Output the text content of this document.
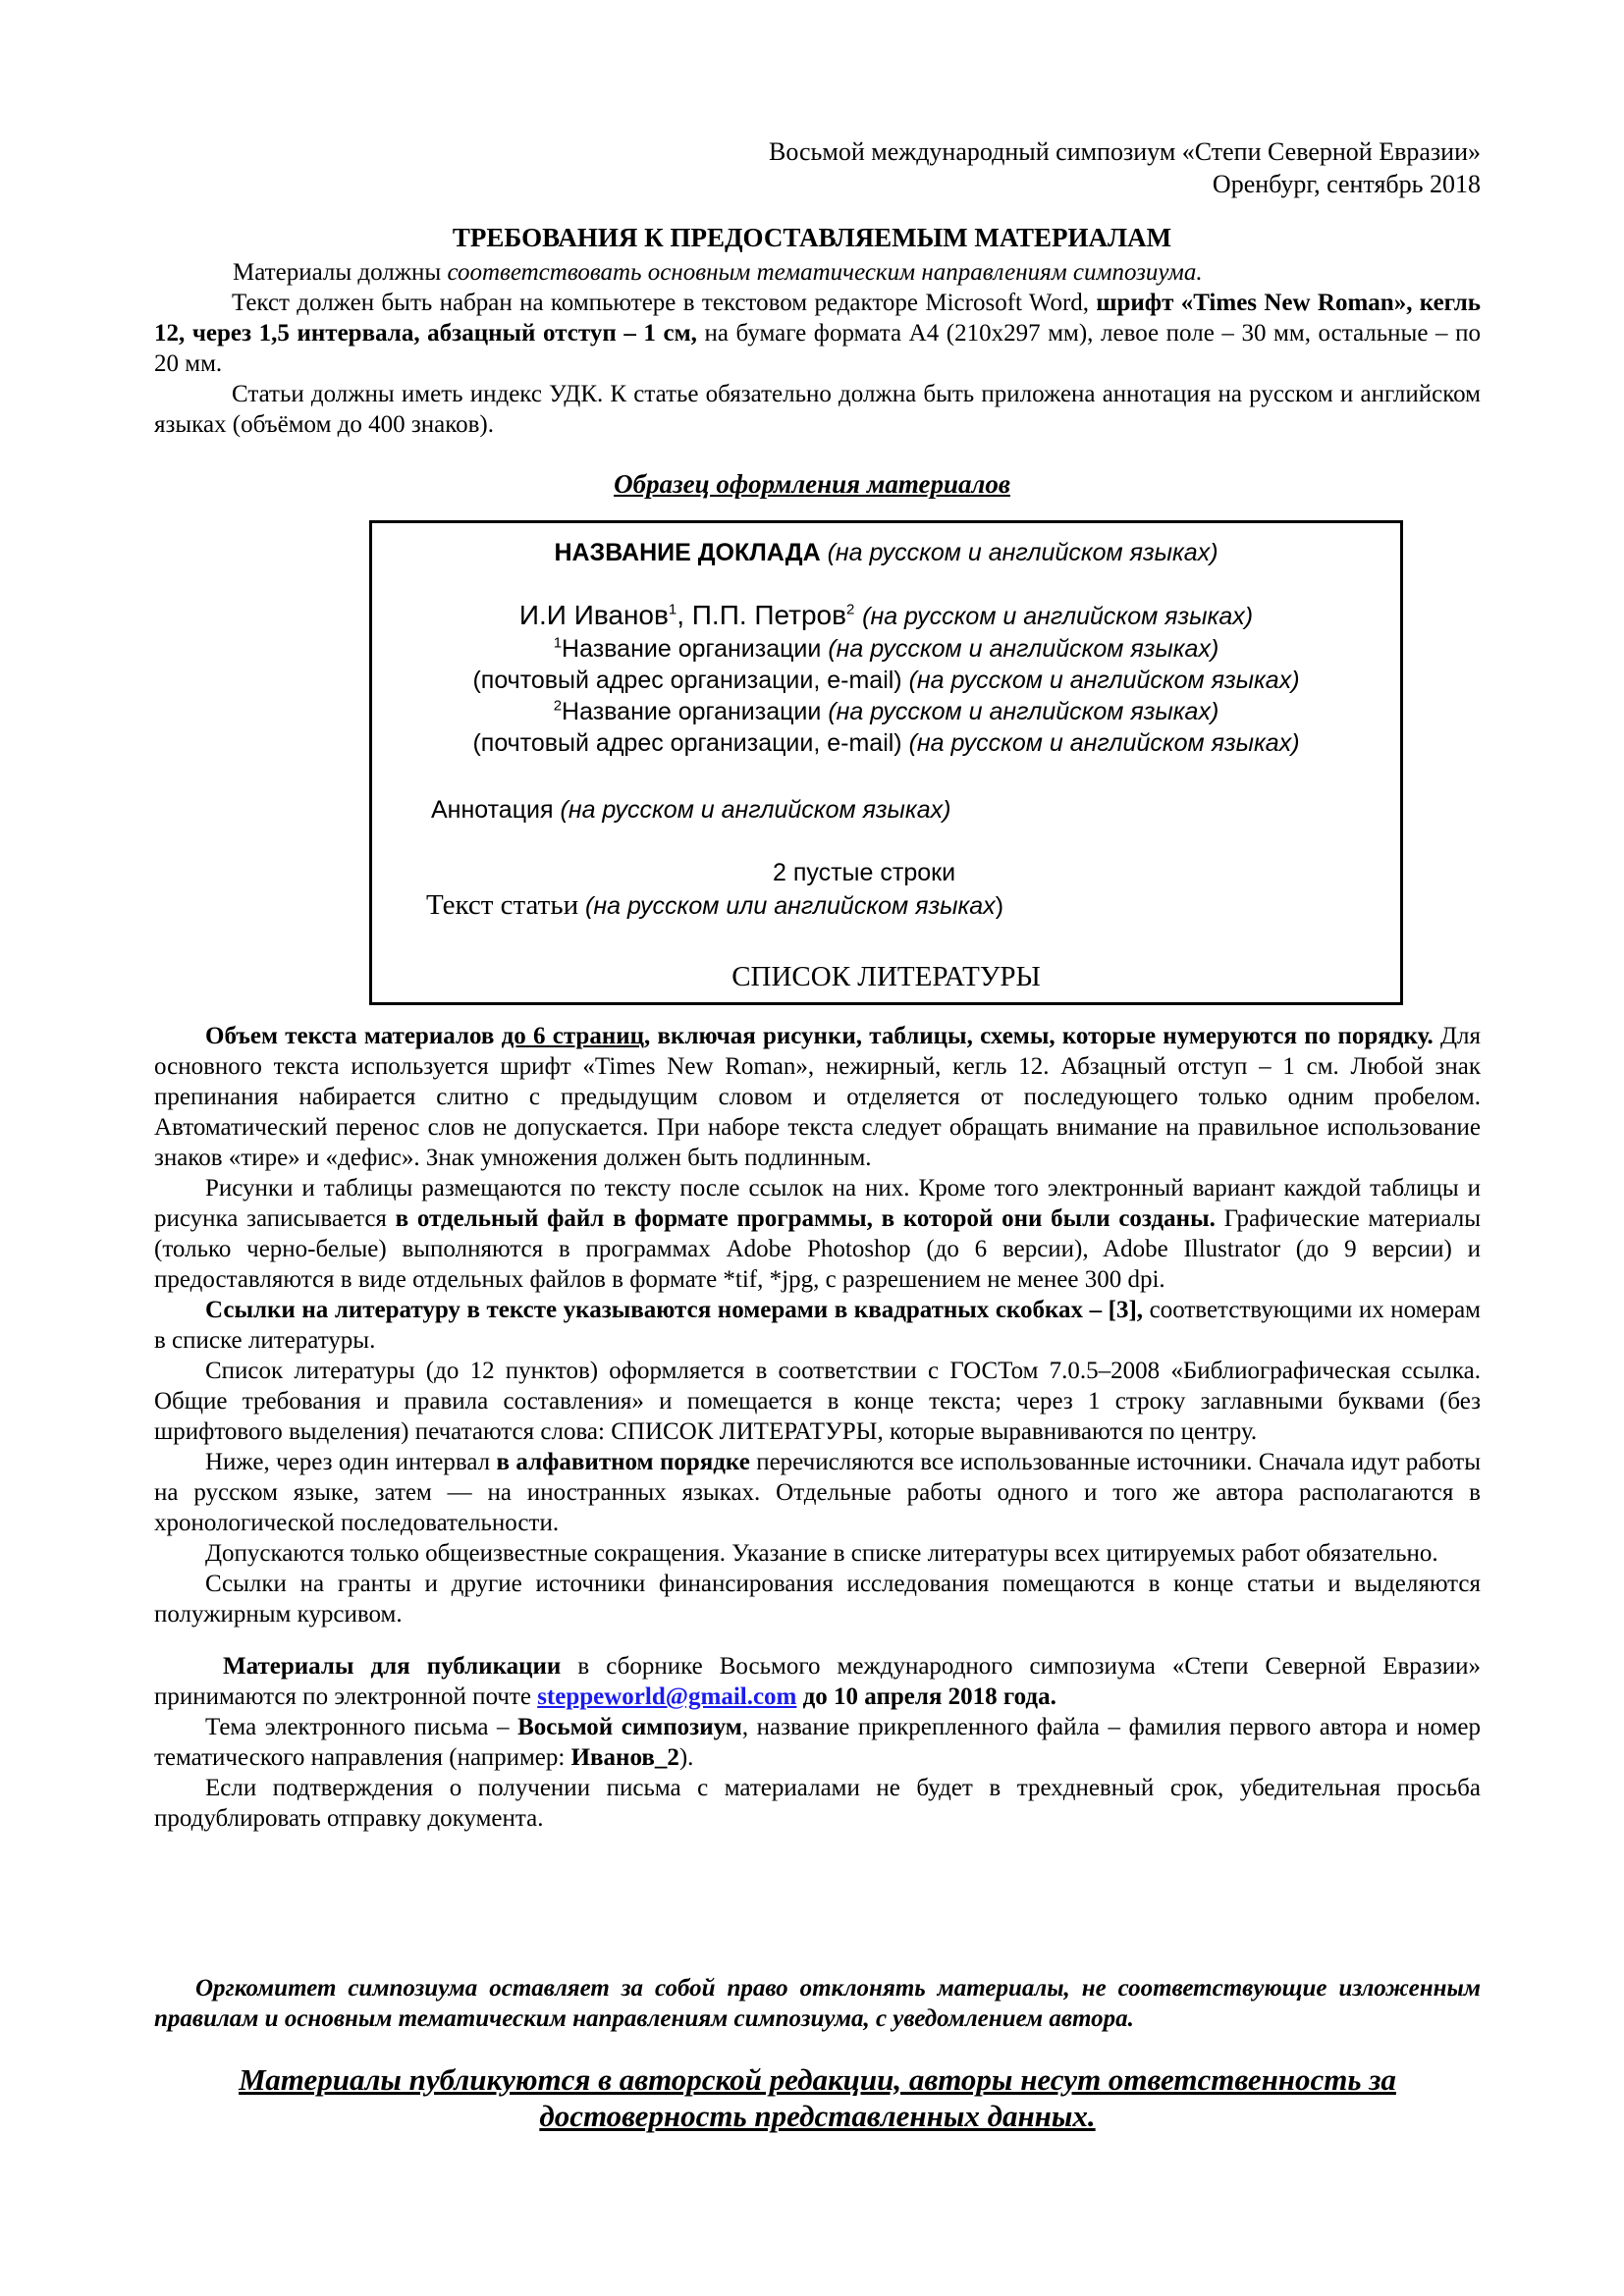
Восьмой международный симпозиум «Степи Северной Евразии»
Оренбург, сентябрь 2018
ТРЕБОВАНИЯ К ПРЕДОСТАВЛЯЕМЫМ МАТЕРИАЛАМ

Материалы должны соответствовать основным тематическим направлениям симпозиума.

Текст должен быть набран на компьютере в текстовом редакторе Microsoft Word, шрифт «Times New Roman», кегль 12, через 1,5 интервала, абзацный отступ – 1 см, на бумаге формата А4 (210х297 мм), левое поле – 30 мм, остальные – по 20 мм.

Статьи должны иметь индекс УДК. К статье обязательно должна быть приложена аннотация на русском и английском языках (объёмом до 400 знаков).

Образец оформления материалов
НАЗВАНИЕ ДОКЛАДА (на русском и английском языках)
И.И Иванов$^1$, П.П. Петров$^2$ (на русском и английском языках)
$^1$Название организации (на русском и английском языках)
(почтовый адрес организации, e-mail) (на русском и английском языках)
$^2$Название организации (на русском и английском языках)
(почтовый адрес организации, e-mail) (на русском и английском языках)
Аннотация (на русском и английском языках)
2 пустые строки
Текст статьи (на русском или английском языках)
СПИСОК ЛИТЕРАТУРЫ

Объем текста материалов до 6 страниц, включая рисунки, таблицы, схемы, которые нумеруются по порядку. Для основного текста используется шрифт «Times New Roman», нежирный, кегль 12. Абзацный отступ – 1 см. Любой знак препинания набирается слитно с предыдущим словом и отделяется от последующего только одним пробелом. Автоматический перенос слов не допускается. При наборе текста следует обращать внимание на правильное использование знаков «тире» и «дефис». Знак умножения должен быть подлинным.

Рисунки и таблицы размещаются по тексту после ссылок на них. Кроме того электронный вариант каждой таблицы и рисунка записывается в отдельный файл в формате программы, в которой они были созданы. Графические материалы (только черно-белые) выполняются в программах Adobe Photoshop (до 6 версии), Adobe Illustrator (до 9 версии) и предоставляются в виде отдельных файлов в формате *tif, *jpg, с разрешением не менее 300 dpi.

Ссылки на литературу в тексте указываются номерами в квадратных скобках – [3], соответствующими их номерам в списке литературы.

Список литературы (до 12 пунктов) оформляется в соответствии с ГОСТом 7.0.5–2008 «Библиографическая ссылка. Общие требования и правила составления» и помещается в конце текста; через 1 строку заглавными буквами (без шрифтового выделения) печатаются слова: СПИСОК ЛИТЕРАТУРЫ, которые выравниваются по центру.

Ниже, через один интервал в алфавитном порядке перечисляются все использованные источники. Сначала идут работы на русском языке, затем — на иностранных языках. Отдельные работы одного и того же автора располагаются в хронологической последовательности.

Допускаются только общеизвестные сокращения. Указание в списке литературы всех цитируемых работ обязательно.

Ссылки на гранты и другие источники финансирования исследования помещаются в конце статьи и выделяются полужирным курсивом.

Материалы для публикации в сборнике Восьмого международного симпозиума «Степи Северной Евразии» принимаются по электронной почте steppeworld@gmail.com до 10 апреля 2018 года.

Тема электронного письма – Восьмой симпозиум, название прикрепленного файла – фамилия первого автора и номер тематического направления (например: Иванов_2).

Если подтверждения о получении письма с материалами не будет в трехдневный срок, убедительная просьба продублировать отправку документа.

Оргкомитет симпозиума оставляет за собой право отклонять материалы, не соответствующие изложенным правилам и основным тематическим направлениям симпозиума, с уведомлением автора.
Материалы публикуются в авторской редакции, авторы несут ответственность за
достоверность представленных данных.
